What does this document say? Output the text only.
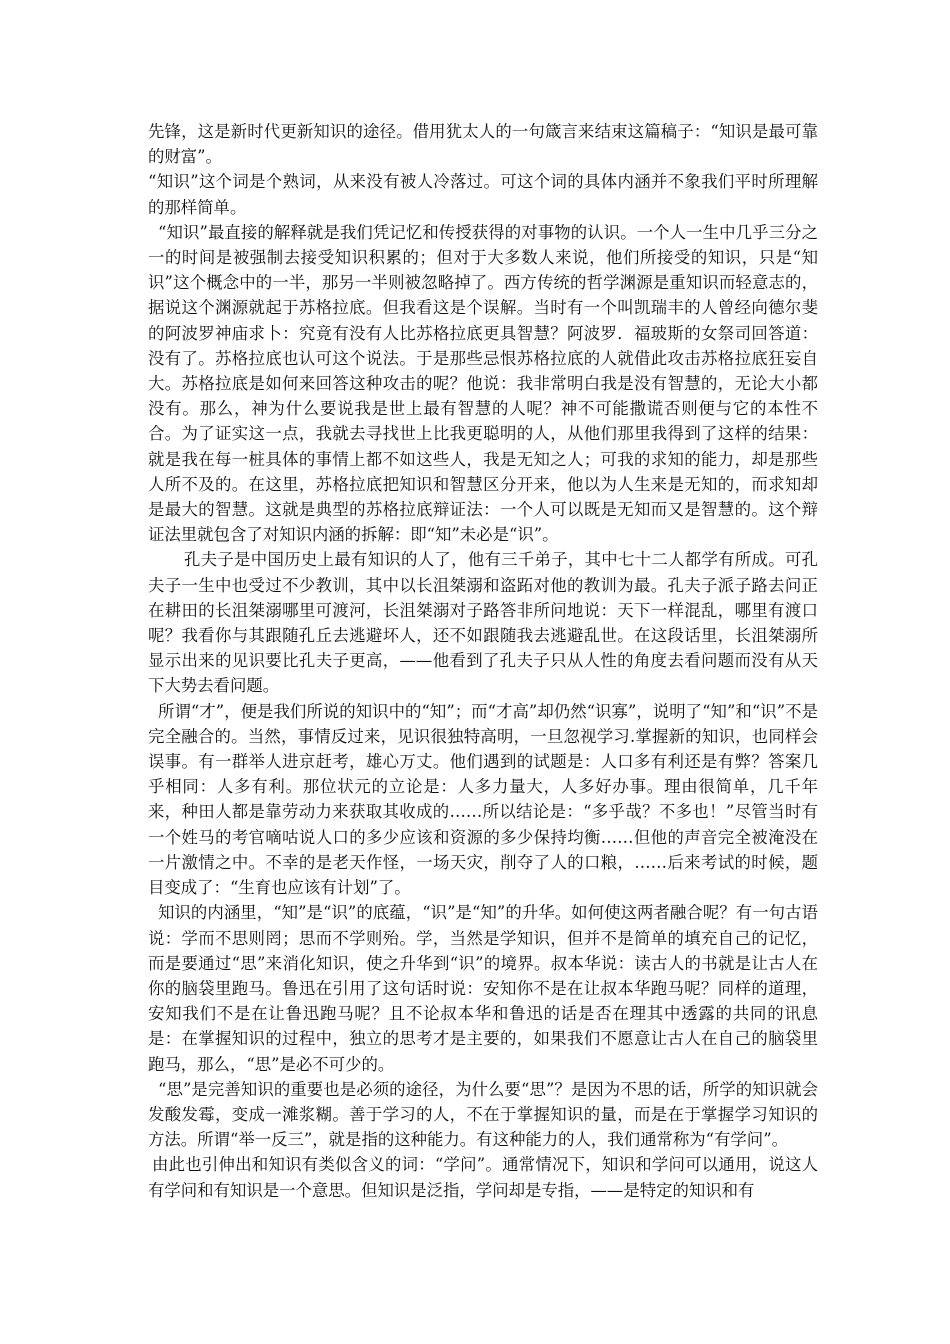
先锋，这是新时代更新知识的途径。借用犹太人的一句箴言来结束这篇稿子：“知识是最可靠的财富”。

“知识”这个词是个熟词，从来没有被人冷落过。可这个词的具体内涵并不象我们平时所理解的那样简单。

“知识”最直接的解释就是我们凭记忆和传授获得的对事物的认识。一个人一生中几乎三分之一的时间是被强制去接受知识积累的；但对于大多数人来说，他们所接受的知识，只是“知识”这个概念中的一半，那另一半则被忽略掉了。西方传统的哲学渊源是重知识而轻意志的，据说这个渊源就起于苏格拉底。但我看这是个误解。当时有一个叫凯瑞丰的人曾经向德尔斐的阿波罗神庙求卜：究竟有没有人比苏格拉底更具智慧？阿波罗．福玻斯的女祭司回答道：没有了。苏格拉底也认可这个说法。于是那些忌恨苏格拉底的人就借此攻击苏格拉底狂妄自大。苏格拉底是如何来回答这种攻击的呢？他说：我非常明白我是没有智慧的，无论大小都没有。那么，神为什么要说我是世上最有智慧的人呢？神不可能撒谎否则便与它的本性不合。为了证实这一点，我就去寻找世上比我更聪明的人，从他们那里我得到了这样的结果：就是我在每一桩具体的事情上都不如这些人，我是无知之人；可我的求知的能力，却是那些人所不及的。在这里，苏格拉底把知识和智慧区分开来，他以为人生来是无知的，而求知却是最大的智慧。这就是典型的苏格拉底辩证法：一个人可以既是无知而又是智慧的。这个辩证法里就包含了对知识内涵的拆解：即“知”未必是“识”。

孔夫子是中国历史上最有知识的人了，他有三千弟子，其中七十二人都学有所成。可孔夫子一生中也受过不少教训，其中以长沮桀溺和盗跖对他的教训为最。孔夫子派子路去问正在耕田的长沮桀溺哪里可渡河，长沮桀溺对子路答非所问地说：天下一样混乱，哪里有渡口呢？我看你与其跟随孔丘去逃避坏人，还不如跟随我去逃避乱世。在这段话里，长沮桀溺所显示出来的见识要比孔夫子更高，——他看到了孔夫子只从人性的角度去看问题而没有从天下大势去看问题。

所谓“才”，便是我们所说的知识中的“知”；而“才高”却仍然“识寡”，说明了“知”和“识”不是完全融合的。当然，事情反过来，见识很独特高明，一旦忽视学习.掌握新的知识，也同样会误事。有一群举人进京赶考，雄心万丈。他们遇到的试题是：人口多有利还是有弊？答案几乎相同：人多有利。那位状元的立论是：人多力量大，人多好办事。理由很简单，几千年来，种田人都是靠劳动力来获取其收成的……所以结论是：“多乎哉？不多也！”尽管当时有一个姓马的考官嘀咕说人口的多少应该和资源的多少保持均衡……但他的声音完全被淹没在一片激情之中。不幸的是老天作怪，一场天灾，削夺了人的口粮，……后来考试的时候，题目变成了：“生育也应该有计划”了。

知识的内涵里，“知”是“识”的底蕴，“识”是“知”的升华。如何使这两者融合呢？有一句古语说：学而不思则罔；思而不学则殆。学，当然是学知识，但并不是简单的填充自己的记忆，而是要通过“思”来消化知识，使之升华到“识”的境界。叔本华说：读古人的书就是让古人在你的脑袋里跑马。鲁迅在引用了这句话时说：安知你不是在让叔本华跑马呢？同样的道理，安知我们不是在让鲁迅跑马呢？且不论叔本华和鲁迅的话是否在理其中透露的共同的讯息是：在掌握知识的过程中，独立的思考才是主要的，如果我们不愿意让古人在自己的脑袋里跑马，那么，“思”是必不可少的。

“思”是完善知识的重要也是必须的途径，为什么要“思”？是因为不思的话，所学的知识就会发酸发霉，变成一滩浆糊。善于学习的人，不在于掌握知识的量，而是在于掌握学习知识的方法。所谓“举一反三”，就是指的这种能力。有这种能力的人，我们通常称为“有学问”。

由此也引伸出和知识有类似含义的词：“学问”。通常情况下，知识和学问可以通用，说这人有学问和有知识是一个意思。但知识是泛指，学问却是专指，——是特定的知识和有
